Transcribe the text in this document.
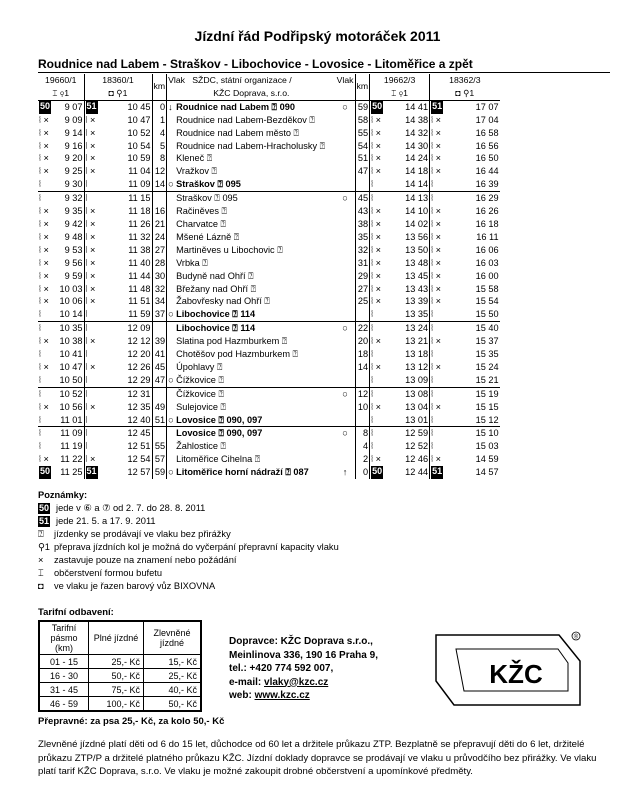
Jízdní řád Podřipský motoráček 2011
Roudnice nad Labem - Straškov - Libochovice - Lovosice - Litoměřice a zpět
19660/1	18360/1	km	Vlak SŽDC, státní organizace /	Vlak	km	19662/3	18362/3
⌶ ⚲1	◘ ⚲1		KŽC Doprava, s.r.o.			⌶ ⚲1	◘ ⚲1

50 9 07	51 10 45	0	↓ Roudnice nad Labem ⍰ 090	○	59	50 14 41	51 17 07

⦚ × 9 09	⦚ × 10 47	1	Roudnice nad Labem-Bezděkov ⍰		58	⦚ × 14 38	⦚ × 17 04

⦚ × 9 14	⦚ × 10 52	4	Roudnice nad Labem město ⍰		55	⦚ × 14 32	⦚ × 16 58

⦚ × 9 16	⦚ × 10 54	5	Roudnice nad Labem-Hracholusky ⍰		54	⦚ × 14 30	⦚ × 16 56

⦚ × 9 20	⦚ × 10 59	8	Kleneč ⍰		51	⦚ × 14 24	⦚ × 16 50

⦚ × 9 25	⦚ × 11 04	12	Vražkov ⍰		47	⦚ × 14 18	⦚ × 16 44

⦚ 9 30	⦚ 11 09	14	○ Straškov ⍰ 095			⦚ 14 14	⦚ 16 39

⦚ 9 32	⦚ 11 15		Straškov ⍰ 095	○	45	⦚ 14 13	⦚ 16 29

⦚ × 9 35	⦚ × 11 18	16	Račiněves ⍰		43	⦚ × 14 10	⦚ × 16 26

⦚ × 9 42	⦚ × 11 26	21	Charvatce ⍰		38	⦚ × 14 02	⦚ × 16 18

⦚ × 9 48	⦚ × 11 32	24	Mšené Lázně ⍰		35	⦚ × 13 56	⦚ × 16 11

⦚ × 9 53	⦚ × 11 38	27	Martiněves u Libochovic ⍰		32	⦚ × 13 50	⦚ × 16 06

⦚ × 9 56	⦚ × 11 40	28	Vrbka ⍰		31	⦚ × 13 48	⦚ × 16 03

⦚ × 9 59	⦚ × 11 44	30	Budyně nad Ohří ⍰		29	⦚ × 13 45	⦚ × 16 00

⦚ × 10 03	⦚ × 11 48	32	Břežany nad Ohří ⍰		27	⦚ × 13 43	⦚ × 15 58

⦚ × 10 06	⦚ × 11 51	34	Žabovřesky nad Ohří ⍰		25	⦚ × 13 39	⦚ × 15 54

⦚ 10 14	⦚ 11 59	37	○ Libochovice ⍰ 114			⦚ 13 35	⦚ 15 50

⦚ 10 35	⦚ 12 09		Libochovice ⍰ 114	○	22	⦚ 13 24	⦚ 15 40

⦚ × 10 38	⦚ × 12 12	39	Slatina pod Hazmburkem ⍰		20	⦚ × 13 21	⦚ × 15 37

⦚ 10 41	⦚ 12 20	41	Chotěšov pod Hazmburkem ⍰		18	⦚ 13 18	⦚ 15 35

⦚ × 10 47	⦚ × 12 26	45	Úpohlavy ⍰		14	⦚ × 13 12	⦚ × 15 24

⦚ 10 50	⦚ 12 29	47	○ Čížkovice ⍰			⦚ 13 09	⦚ 15 21

⦚ 10 52	⦚ 12 31		Čížkovice ⍰	○	12	⦚ 13 08	⦚ 15 19

⦚ × 10 56	⦚ × 12 35	49	Sulejovice ⍰		10	⦚ × 13 04	⦚ × 15 15

⦚ 11 01	⦚ 12 40	51	○ Lovosice ⍰ 090, 097			⦚ 13 01	⦚ 15 12

⦚ 11 09	⦚ 12 45		Lovosice ⍰ 090, 097	○	8	⦚ 12 59	⦚ 15 10

⦚ 11 19	⦚ 12 51	55	Žahlostice ⍰		4	⦚ 12 52	⦚ 15 03

⦚ × 11 22	⦚ × 12 54	57	Litoměřice Cihelna ⍰		2	⦚ × 12 46	⦚ × 14 59

50 11 25	51 12 57	59	○ Litoměřice horní nádraží ⍰ 087	↑	0	50 12 44	51 14 57
Poznámky:
50 jede v ⑥ a ⑦ od 2. 7. do 28. 8. 2011
51 jede 21. 5. a 17. 9. 2011
⍰ jízdenky se prodávají ve vlaku bez přirážky
⚲1 přeprava jízdních kol je možná do vyčerpání přepravní kapacity vlaku
× zastavuje pouze na znamení nebo požádání
⌶ občerstvení formou bufetu
◘ ve vlaku je řazen barový vůz BIXOVNA
Tarifní odbavení:
Tarifní pásmo (km)	Plné jízdné	Zlevněné jízdné
01 - 15	25,- Kč	15,- Kč
16 - 30	50,- Kč	25,- Kč
31 - 45	75,- Kč	40,- Kč
46 - 59	100,- Kč	50,- Kč
Přepravné: za psa 25,- Kč, za kolo 50,- Kč
Dopravce: KŽC Doprava s.r.o.,
Meinlinova 336, 190 16 Praha 9,
tel.: +420 774 592 007,
e-mail: vlaky@kzc.cz
web: www.kzc.cz
KŽC
®
Zlevněné jízdné platí děti od 6 do 15 let, důchodce od 60 let a držitele průkazu ZTP. Bezplatně se přepravují děti do 6 let, držitelé průkazu ZTP/P a držitelé platného průkazu KŽC. Jízdní doklady dopravce se prodávají ve vlaku u průvodčího bez přirážky. Ve vlaku platí tarif KŽC Doprava, s.r.o. Ve vlaku je možné zakoupit drobné občerstvení a upomínkové předměty.
